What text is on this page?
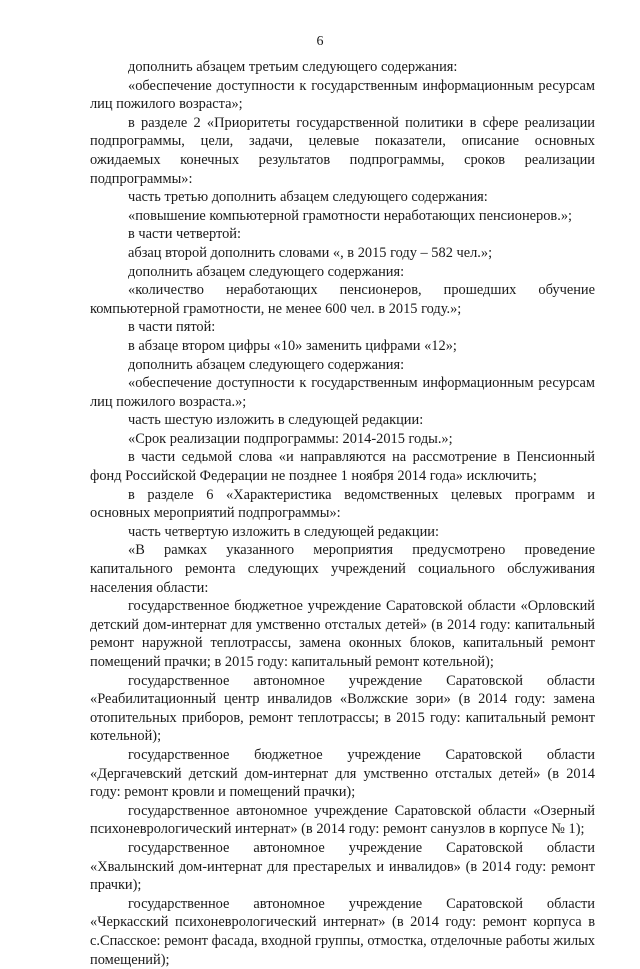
6

дополнить абзацем третьим следующего содержания:

«обеспечение доступности к государственным информационным ресурсам лиц пожилого возраста»;

в разделе 2 «Приоритеты государственной политики в сфере реализации подпрограммы, цели, задачи, целевые показатели, описание основных ожидаемых конечных результатов подпрограммы, сроков реализации подпрограммы»:

часть третью дополнить абзацем следующего содержания:

«повышение компьютерной грамотности неработающих пенсионеров.»;

в части четвертой:

абзац второй дополнить словами «, в 2015 году – 582 чел.»;

дополнить абзацем следующего содержания:

«количество неработающих пенсионеров, прошедших обучение компьютерной грамотности, не менее 600 чел. в 2015 году.»;

в части пятой:

в абзаце втором цифры «10» заменить цифрами «12»;

дополнить абзацем следующего содержания:

«обеспечение доступности к государственным информационным ресурсам лиц пожилого возраста.»;

часть шестую изложить в следующей редакции:

«Срок реализации подпрограммы: 2014-2015 годы.»;

в части седьмой слова «и направляются на рассмотрение в Пенсионный фонд Российской Федерации не позднее 1 ноября 2014 года» исключить;

в разделе 6 «Характеристика ведомственных целевых программ и основных мероприятий подпрограммы»:

часть четвертую изложить в следующей редакции:

«В рамках указанного мероприятия предусмотрено проведение капитального ремонта следующих учреждений социального обслуживания населения области:

государственное бюджетное учреждение Саратовской области «Орловский детский дом-интернат для умственно отсталых детей» (в 2014 году: капитальный ремонт наружной теплотрассы, замена оконных блоков, капитальный ремонт помещений прачки; в 2015 году: капитальный ремонт котельной);

государственное автономное учреждение Саратовской области «Реабилитационный центр инвалидов «Волжские зори» (в 2014 году: замена отопительных приборов, ремонт теплотрассы; в 2015 году: капитальный ремонт котельной);

государственное бюджетное учреждение Саратовской области «Дергачевский детский дом-интернат для умственно отсталых детей» (в 2014 году: ремонт кровли и помещений прачки);

государственное автономное учреждение Саратовской области «Озерный психоневрологический интернат» (в 2014 году: ремонт санузлов в корпусе № 1);

государственное автономное учреждение Саратовской области «Хвалынский дом-интернат для престарелых и инвалидов» (в 2014 году: ремонт прачки);

государственное автономное учреждение Саратовской области «Черкасский психоневрологический интернат» (в 2014 году: ремонт корпуса в с.Спасское: ремонт фасада, входной группы, отмостка, отделочные работы жилых помещений);
